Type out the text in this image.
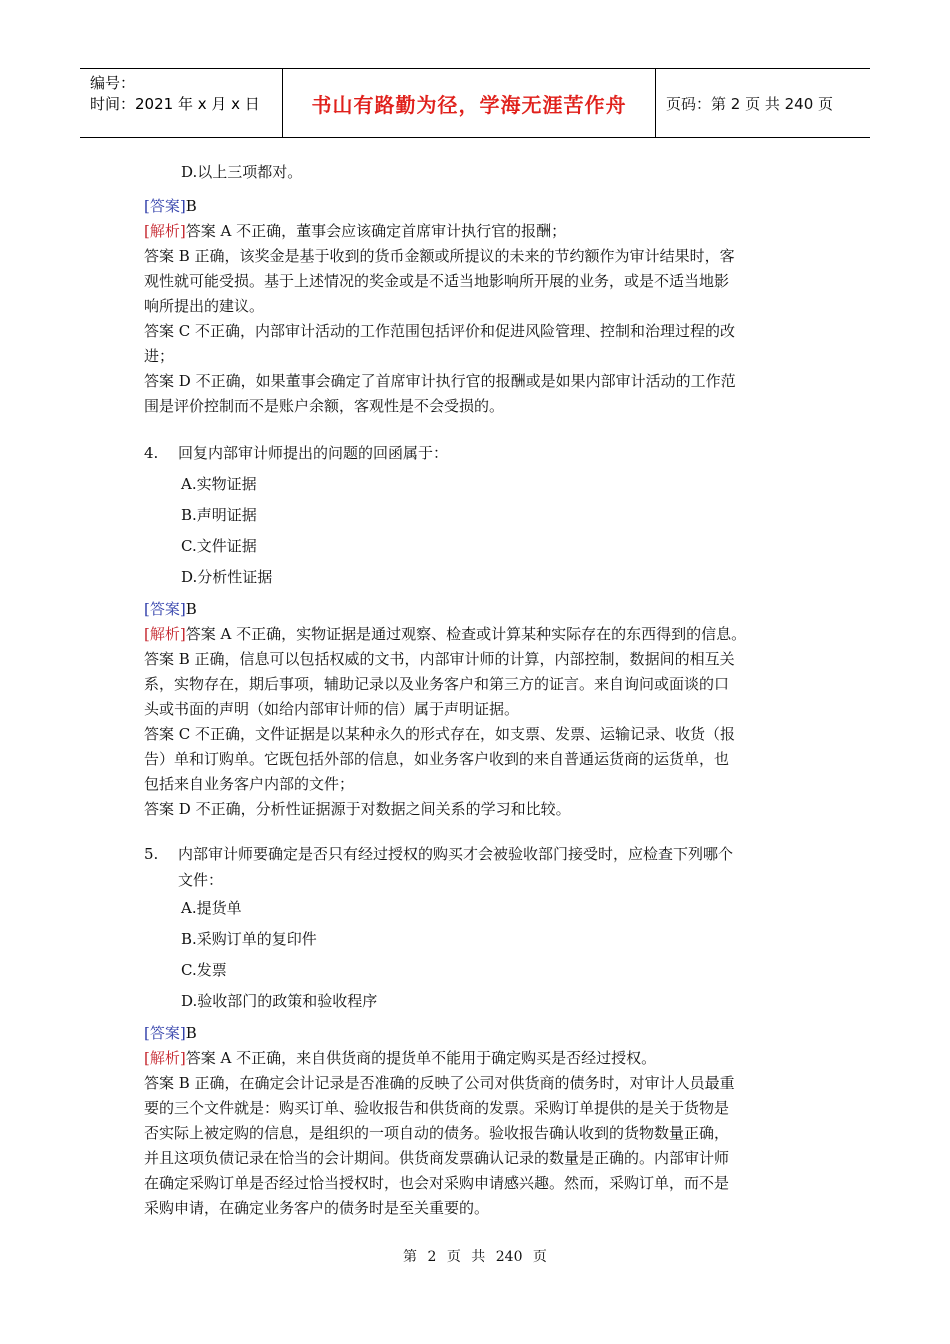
编号：
时间：2021 年 x 月 x 日	书山有路勤为径，学海无涯苦作舟	页码：第 2 页 共 240 页
D.以上三项都对。
[答案]B
[解析]答案 A 不正确，董事会应该确定首席审计执行官的报酬；
答案 B 正确，该奖金是基于收到的货币金额或所提议的未来的节约额作为审计结果时，客
观性就可能受损。基于上述情况的奖金或是不适当地影响所开展的业务，或是不适当地影
响所提出的建议。
答案 C 不正确，内部审计活动的工作范围包括评价和促进风险管理、控制和治理过程的改
进；
答案 D 不正确，如果董事会确定了首席审计执行官的报酬或是如果内部审计活动的工作范
围是评价控制而不是账户余额，客观性是不会受损的。
4. 回复内部审计师提出的问题的回函属于：
A.实物证据
B.声明证据
C.文件证据
D.分析性证据
[答案]B
[解析]答案 A 不正确，实物证据是通过观察、检查或计算某种实际存在的东西得到的信息。
答案 B 正确，信息可以包括权威的文书，内部审计师的计算，内部控制，数据间的相互关
系，实物存在，期后事项，辅助记录以及业务客户和第三方的证言。来自询问或面谈的口
头或书面的声明（如给内部审计师的信）属于声明证据。
答案 C 不正确，文件证据是以某种永久的形式存在，如支票、发票、运输记录、收货（报
告）单和订购单。它既包括外部的信息，如业务客户收到的来自普通运货商的运货单，也
包括来自业务客户内部的文件；
答案 D 不正确，分析性证据源于对数据之间关系的学习和比较。
5. 内部审计师要确定是否只有经过授权的购买才会被验收部门接受时，应检查下列哪个
文件：
A.提货单
B.采购订单的复印件
C.发票
D.验收部门的政策和验收程序
[答案]B
[解析]答案 A 不正确，来自供货商的提货单不能用于确定购买是否经过授权。
答案 B 正确，在确定会计记录是否准确的反映了公司对供货商的债务时，对审计人员最重
要的三个文件就是：购买订单、验收报告和供货商的发票。采购订单提供的是关于货物是
否实际上被定购的信息，是组织的一项自动的债务。验收报告确认收到的货物数量正确，
并且这项负债记录在恰当的会计期间。供货商发票确认记录的数量是正确的。内部审计师
在确定采购订单是否经过恰当授权时，也会对采购申请感兴趣。然而，采购订单，而不是
采购申请，在确定业务客户的债务时是至关重要的。
第 2 页 共 240 页
